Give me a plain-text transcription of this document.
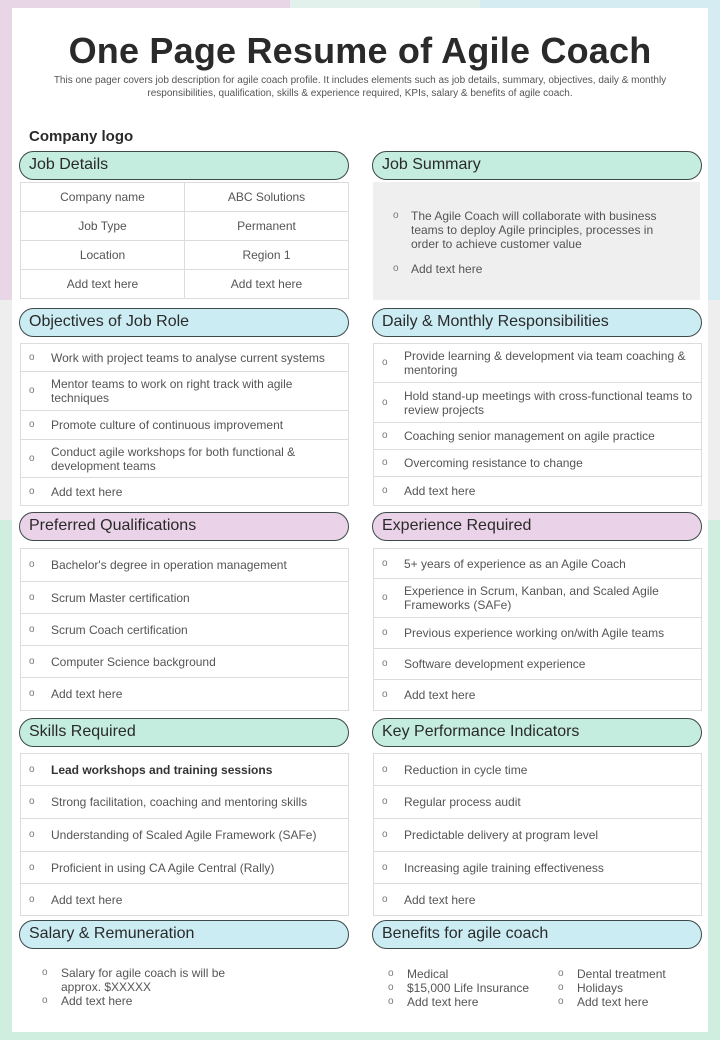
One Page Resume of Agile Coach
This one pager covers job description for agile coach profile. It includes elements such as job details, summary, objectives, daily & monthly responsibilities, qualification, skills & experience required, KPIs, salary & benefits of agile coach.
Company logo
Job Details
Company name	ABC Solutions
Job Type	Permanent
Location	Region 1
Add text here	Add text here
Job Summary
o	The Agile Coach will collaborate with business teams to deploy Agile principles, processes in order to achieve customer value
o	Add text here
Objectives of Job Role
o	Work with project teams to analyse current systems
o	Mentor teams to work on right track with agile techniques
o	Promote culture of continuous improvement
o	Conduct agile workshops for both functional & development teams
o	Add text here
Daily & Monthly Responsibilities
o	Provide learning & development via team coaching & mentoring
o	Hold stand-up meetings with cross-functional teams to review projects
o	Coaching senior management on agile practice
o	Overcoming resistance to change
o	Add text here
Preferred Qualifications
o	Bachelor's degree in operation management
o	Scrum Master certification
o	Scrum Coach certification
o	Computer Science background
o	Add text here
Experience Required
o	5+ years of experience as an Agile Coach
o	Experience in Scrum, Kanban, and Scaled Agile Frameworks (SAFe)
o	Previous experience working on/with Agile teams
o	Software development experience
o	Add text here
Skills Required
o	Lead workshops and training sessions
o	Strong facilitation, coaching and mentoring skills
o	Understanding of Scaled Agile Framework (SAFe)
o	Proficient in using CA Agile Central (Rally)
o	Add text here
Key Performance Indicators
o	Reduction in cycle time
o	Regular process audit
o	Predictable delivery at program level
o	Increasing agile training effectiveness
o	Add text here
Salary & Remuneration
o	Salary for agile coach is will be approx. $XXXXX
o	Add text here
Benefits for agile coach
o	Medical
o	$15,000 Life Insurance
o	Add text here
o	Dental treatment
o	Holidays
o	Add text here
